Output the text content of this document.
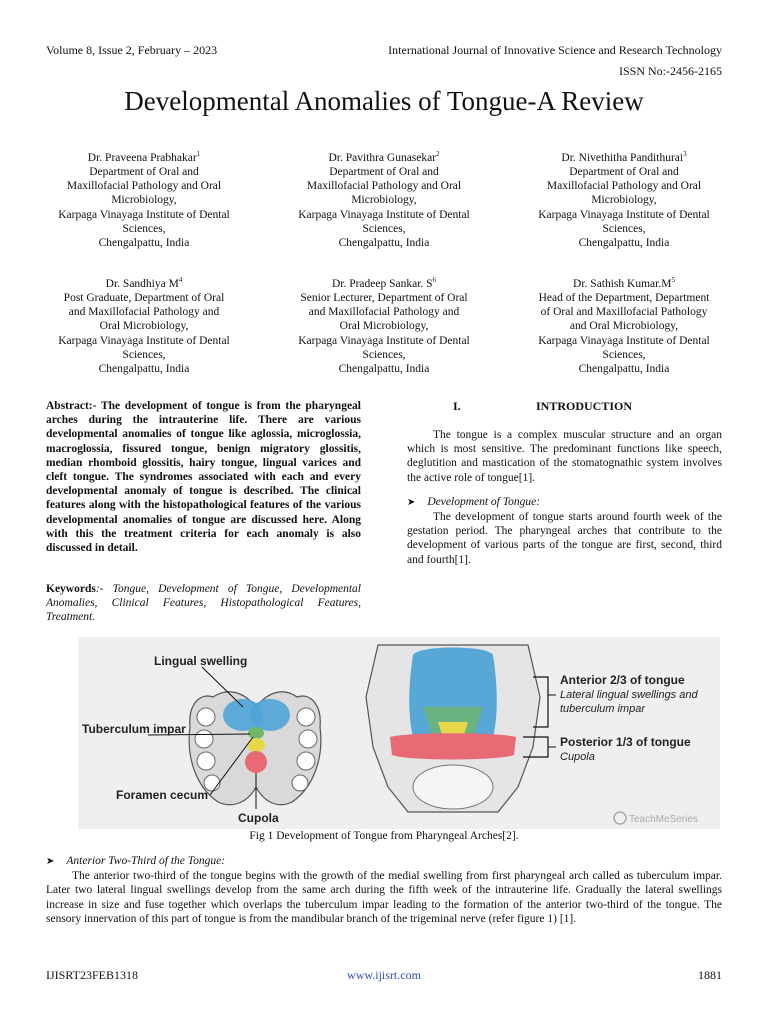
Volume 8, Issue 2, February – 2023	International Journal of Innovative Science and Research Technology
ISSN No:-2456-2165
Developmental Anomalies of Tongue-A Review
Dr. Praveena Prabhakar$^1$
Department of Oral and
Maxillofacial Pathology and Oral
Microbiology,
Karpaga Vinayaga Institute of Dental
Sciences,
Chengalpattu, India
Dr. Pavithra Gunasekar$^2$
Department of Oral and
Maxillofacial Pathology and Oral
Microbiology,
Karpaga Vinayaga Institute of Dental
Sciences,
Chengalpattu, India
Dr. Nivethitha Pandithurai$^3$
Department of Oral and
Maxillofacial Pathology and Oral
Microbiology,
Karpaga Vinayaga Institute of Dental
Sciences,
Chengalpattu, India
Dr. Sandhiya $M^4$
Post Graduate, Department of Oral
and Maxillofacial Pathology and
Oral Microbiology,
Karpaga Vinayaga Institute of Dental
Sciences,
Chengalpattu, India
Dr. Pradeep Sankar. $S^6$
Senior Lecturer, Department of Oral
and Maxillofacial Pathology and
Oral Microbiology,
Karpaga Vinayaga Institute of Dental
Sciences,
Chengalpattu, India
Dr. Sathish $Kumar.M^5$
Head of the Department, Department
of Oral and Maxillofacial Pathology
and Oral Microbiology,
Karpaga Vinayaga Institute of Dental
Sciences,
Chengalpattu, India
Abstract:- The development of tongue is from the pharyngeal arches during the intrauterine life. There are various developmental anomalies of tongue like aglossia, microglossia, macroglossia, fissured tongue, benign migratory glossitis, median rhomboid glossitis, hairy tongue, lingual varices and cleft tongue. The syndromes associated with each and every developmental anomaly of tongue is described. The clinical features along with the histopathological features of the various developmental anomalies of tongue are discussed here. Along with this the treatment criteria for each anomaly is also discussed in detail.
Keywords:- Tongue, Development of Tongue, Developmental Anomalies, Clinical Features, Histopathological Features, Treatment.
I.	INTRODUCTION
The tongue is a complex muscular structure and an organ which is most sensitive. The predominant functions like speech, deglutition and mastication of the stomatognathic system involves the active role of tongue[1].
➤ Development of Tongue:
The development of tongue starts around fourth week of the gestation period. The pharyngeal arches that contribute to the development of various parts of the tongue are first, second, third and fourth[1].
Lingual swelling
Tuberculum impar
Foramen cecum
Cupola
Anterior 2/3 of tongue
Lateral lingual swellings and
tuberculum impar
Posterior 1/3 of tongue
Cupola
TeachMeSeries
Fig 1 Development of Tongue from Pharyngeal Arches[2].
➤ Anterior Two-Third of the Tongue:
The anterior two-third of the tongue begins with the growth of the medial swelling from first pharyngeal arch called as tuberculum impar. Later two lateral lingual swellings develop from the same arch during the fifth week of the intrauterine life. Gradually the lateral swellings increase in size and fuse together which overlaps the tuberculum impar leading to the formation of the anterior two-third of the tongue. The sensory innervation of this part of tongue is from the mandibular branch of the trigeminal nerve (refer figure 1) [1].
IJISRT23FEB1318	www.ijisrt.com	1881
